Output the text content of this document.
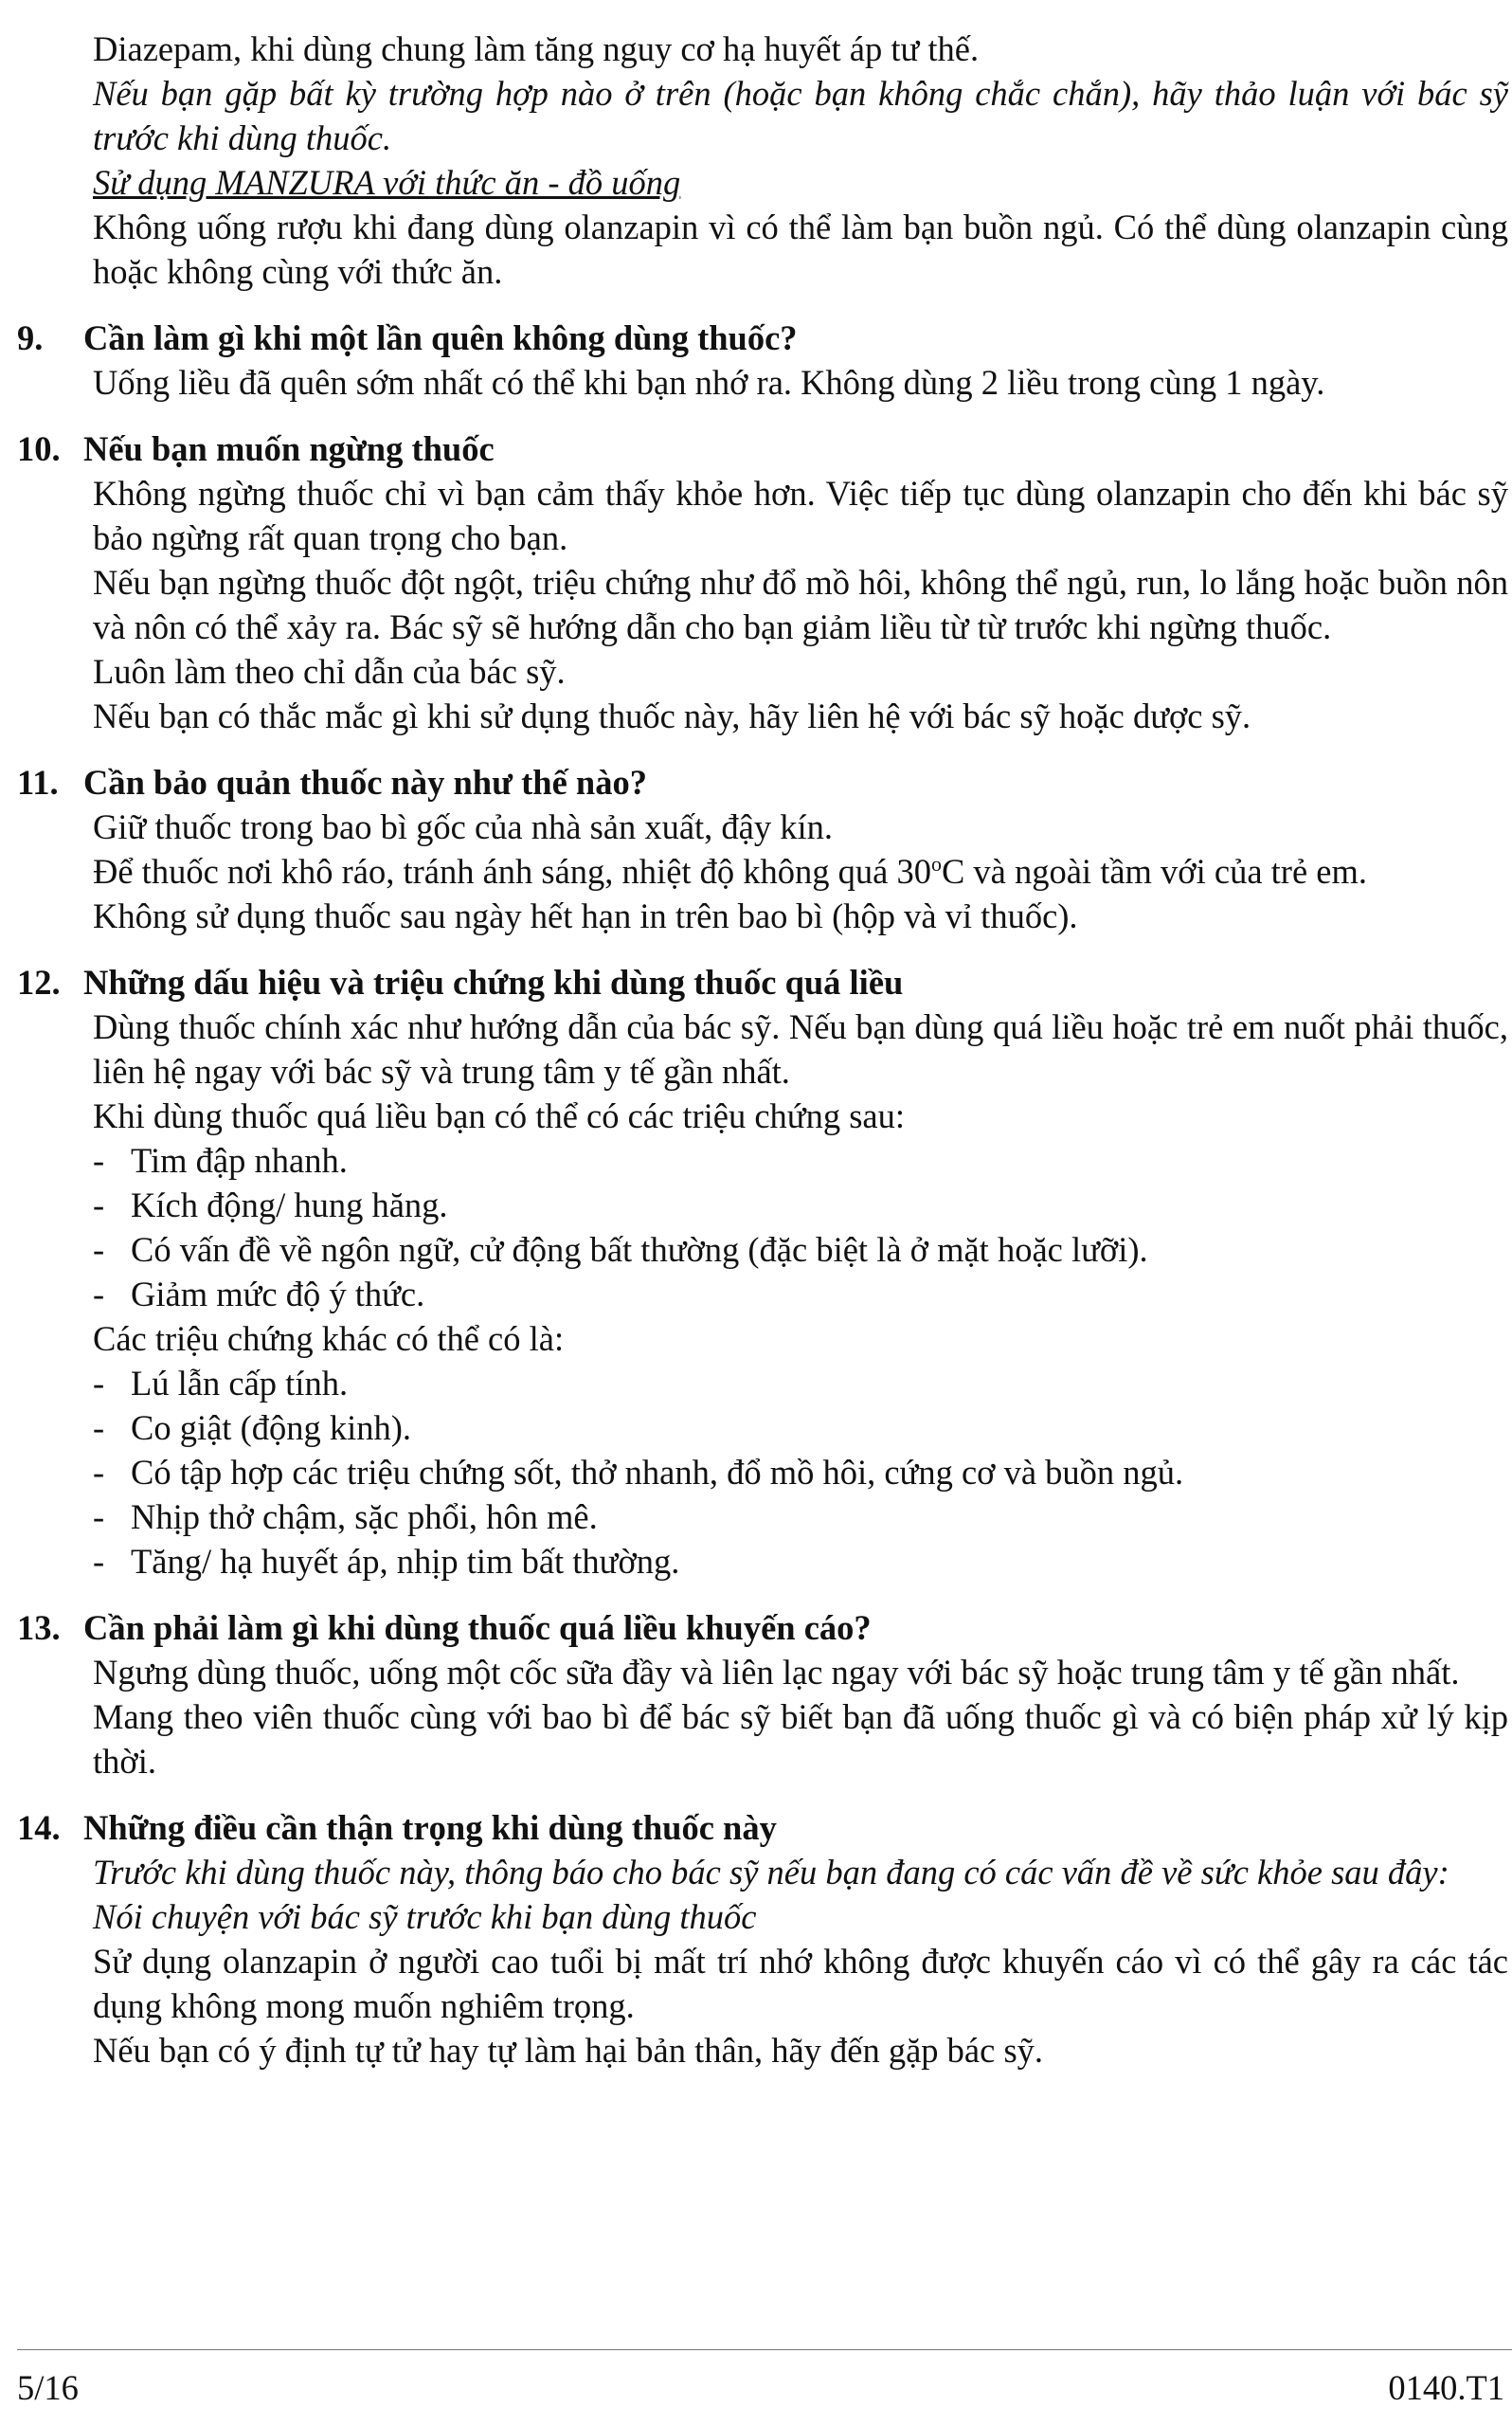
Diazepam, khi dùng chung làm tăng nguy cơ hạ huyết áp tư thế.

Nếu bạn gặp bất kỳ trường hợp nào ở trên (hoặc bạn không chắc chắn), hãy thảo luận với bác sỹ trước khi dùng thuốc.

Sử dụng MANZURA với thức ăn - đồ uống

Không uống rượu khi đang dùng olanzapin vì có thể làm bạn buồn ngủ. Có thể dùng olanzapin cùng hoặc không cùng với thức ăn.

9.	Cần làm gì khi một lần quên không dùng thuốc?

Uống liều đã quên sớm nhất có thể khi bạn nhớ ra. Không dùng 2 liều trong cùng 1 ngày.

10. Nếu bạn muốn ngừng thuốc

Không ngừng thuốc chỉ vì bạn cảm thấy khỏe hơn. Việc tiếp tục dùng olanzapin cho đến khi bác sỹ bảo ngừng rất quan trọng cho bạn.

Nếu bạn ngừng thuốc đột ngột, triệu chứng như đổ mồ hôi, không thể ngủ, run, lo lắng hoặc buồn nôn và nôn có thể xảy ra. Bác sỹ sẽ hướng dẫn cho bạn giảm liều từ từ trước khi ngừng thuốc.

Luôn làm theo chỉ dẫn của bác sỹ.

Nếu bạn có thắc mắc gì khi sử dụng thuốc này, hãy liên hệ với bác sỹ hoặc dược sỹ.

11. Cần bảo quản thuốc này như thế nào?

Giữ thuốc trong bao bì gốc của nhà sản xuất, đậy kín.

Để thuốc nơi khô ráo, tránh ánh sáng, nhiệt độ không quá 30$^o$C và ngoài tầm với của trẻ em.

Không sử dụng thuốc sau ngày hết hạn in trên bao bì (hộp và vỉ thuốc).

12. Những dấu hiệu và triệu chứng khi dùng thuốc quá liều

Dùng thuốc chính xác như hướng dẫn của bác sỹ. Nếu bạn dùng quá liều hoặc trẻ em nuốt phải thuốc, liên hệ ngay với bác sỹ và trung tâm y tế gần nhất.

Khi dùng thuốc quá liều bạn có thể có các triệu chứng sau:

- Tim đập nhanh.
- Kích động/ hung hăng.
- Có vấn đề về ngôn ngữ, cử động bất thường (đặc biệt là ở mặt hoặc lưỡi).
- Giảm mức độ ý thức.

Các triệu chứng khác có thể có là:

- Lú lẫn cấp tính.
- Co giật (động kinh).
- Có tập hợp các triệu chứng sốt, thở nhanh, đổ mồ hôi, cứng cơ và buồn ngủ.
- Nhịp thở chậm, sặc phổi, hôn mê.
- Tăng/ hạ huyết áp, nhịp tim bất thường.
13. Cần phải làm gì khi dùng thuốc quá liều khuyến cáo?

Ngưng dùng thuốc, uống một cốc sữa đầy và liên lạc ngay với bác sỹ hoặc trung tâm y tế gần nhất.

Mang theo viên thuốc cùng với bao bì để bác sỹ biết bạn đã uống thuốc gì và có biện pháp xử lý kịp thời.

14. Những điều cần thận trọng khi dùng thuốc này

Trước khi dùng thuốc này, thông báo cho bác sỹ nếu bạn đang có các vấn đề về sức khỏe sau đây:

Nói chuyện với bác sỹ trước khi bạn dùng thuốc

Sử dụng olanzapin ở người cao tuổi bị mất trí nhớ không được khuyến cáo vì có thể gây ra các tác dụng không mong muốn nghiêm trọng.

Nếu bạn có ý định tự tử hay tự làm hại bản thân, hãy đến gặp bác sỹ.

5/16	0140.T1
